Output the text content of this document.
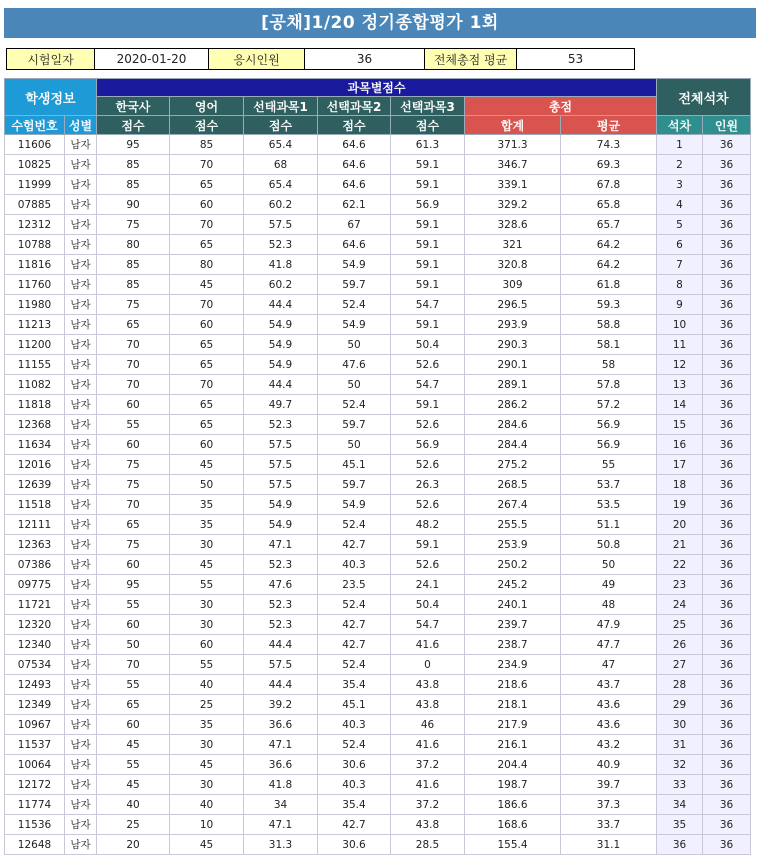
[공채]1/20 정기종합평가 1회
시험일자	2020-01-20	응시인원	36	전체총점 평균	53
학생정보		과목별점수							전체석차	
		한국사	영어	선태과목1	선택과목2	선택과목3	총점			
수험번호	성별	점수	점수	점수	점수	점수	합계	평균	석차	인원
11606	남자	95	85	65.4	64.6	61.3	371.3	74.3	1	36
10825	남자	85	70	68	64.6	59.1	346.7	69.3	2	36
11999	남자	85	65	65.4	64.6	59.1	339.1	67.8	3	36
07885	남자	90	60	60.2	62.1	56.9	329.2	65.8	4	36
12312	남자	75	70	57.5	67	59.1	328.6	65.7	5	36
10788	남자	80	65	52.3	64.6	59.1	321	64.2	6	36
11816	남자	85	80	41.8	54.9	59.1	320.8	64.2	7	36
11760	남자	85	45	60.2	59.7	59.1	309	61.8	8	36
11980	남자	75	70	44.4	52.4	54.7	296.5	59.3	9	36
11213	남자	65	60	54.9	54.9	59.1	293.9	58.8	10	36
11200	남자	70	65	54.9	50	50.4	290.3	58.1	11	36
11155	남자	70	65	54.9	47.6	52.6	290.1	58	12	36
11082	남자	70	70	44.4	50	54.7	289.1	57.8	13	36
11818	남자	60	65	49.7	52.4	59.1	286.2	57.2	14	36
12368	남자	55	65	52.3	59.7	52.6	284.6	56.9	15	36
11634	남자	60	60	57.5	50	56.9	284.4	56.9	16	36
12016	남자	75	45	57.5	45.1	52.6	275.2	55	17	36
12639	남자	75	50	57.5	59.7	26.3	268.5	53.7	18	36
11518	남자	70	35	54.9	54.9	52.6	267.4	53.5	19	36
12111	남자	65	35	54.9	52.4	48.2	255.5	51.1	20	36
12363	남자	75	30	47.1	42.7	59.1	253.9	50.8	21	36
07386	남자	60	45	52.3	40.3	52.6	250.2	50	22	36
09775	남자	95	55	47.6	23.5	24.1	245.2	49	23	36
11721	남자	55	30	52.3	52.4	50.4	240.1	48	24	36
12320	남자	60	30	52.3	42.7	54.7	239.7	47.9	25	36
12340	남자	50	60	44.4	42.7	41.6	238.7	47.7	26	36
07534	남자	70	55	57.5	52.4	0	234.9	47	27	36
12493	남자	55	40	44.4	35.4	43.8	218.6	43.7	28	36
12349	남자	65	25	39.2	45.1	43.8	218.1	43.6	29	36
10967	남자	60	35	36.6	40.3	46	217.9	43.6	30	36
11537	남자	45	30	47.1	52.4	41.6	216.1	43.2	31	36
10064	남자	55	45	36.6	30.6	37.2	204.4	40.9	32	36
12172	남자	45	30	41.8	40.3	41.6	198.7	39.7	33	36
11774	남자	40	40	34	35.4	37.2	186.6	37.3	34	36
11536	남자	25	10	47.1	42.7	43.8	168.6	33.7	35	36
12648	남자	20	45	31.3	30.6	28.5	155.4	31.1	36	36
